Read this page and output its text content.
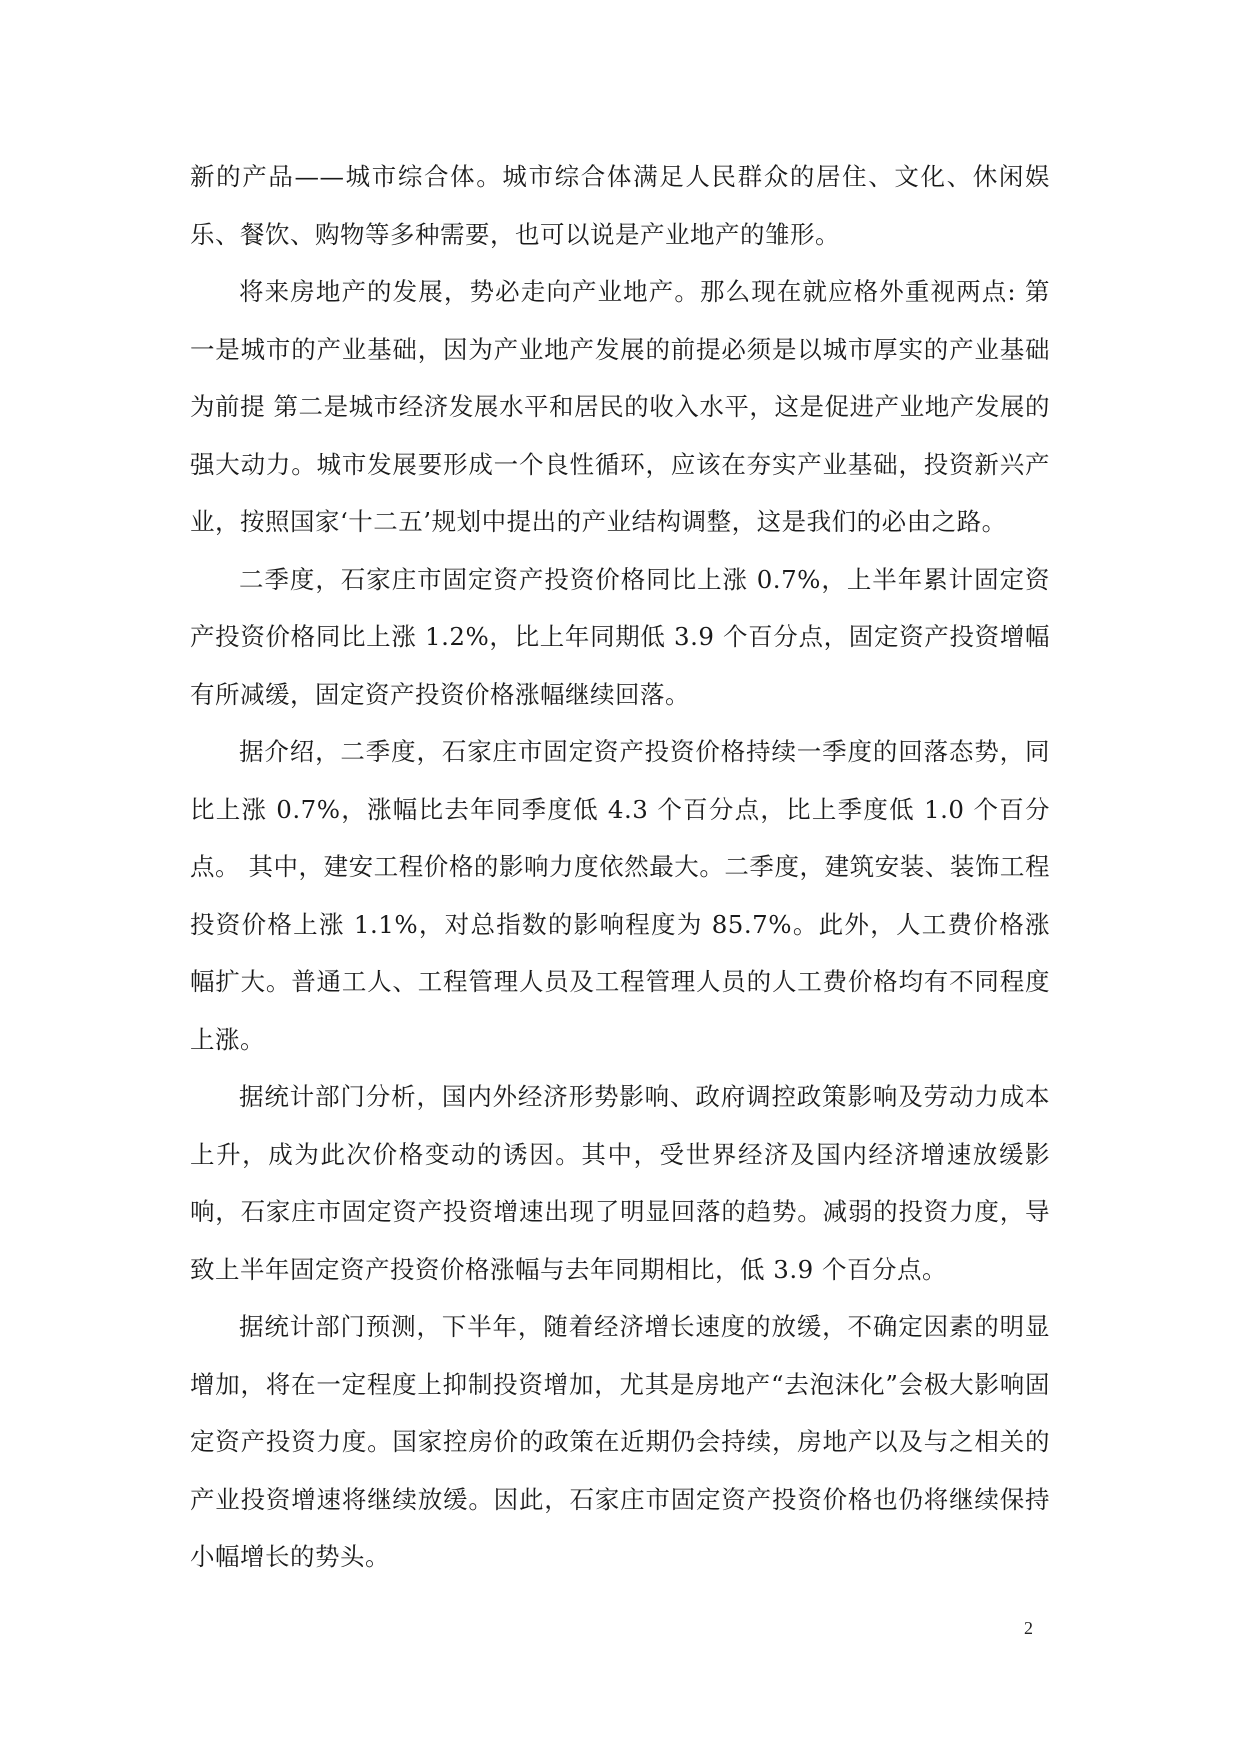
新的产品——城市综合体。城市综合体满足人民群众的居住、文化、休闲娱乐、餐饮、购物等多种需要，也可以说是产业地产的雏形。

将来房地产的发展，势必走向产业地产。那么现在就应格外重视两点: 第一是城市的产业基础，因为产业地产发展的前提必须是以城市厚实的产业基础为前提 第二是城市经济发展水平和居民的收入水平，这是促进产业地产发展的强大动力。城市发展要形成一个良性循环，应该在夯实产业基础，投资新兴产业，按照国家‘十二五’规划中提出的产业结构调整，这是我们的必由之路。

二季度，石家庄市固定资产投资价格同比上涨 0.7%，上半年累计固定资产投资价格同比上涨 1.2%，比上年同期低 3.9 个百分点，固定资产投资增幅有所减缓，固定资产投资价格涨幅继续回落。

据介绍，二季度，石家庄市固定资产投资价格持续一季度的回落态势，同比上涨 0.7%，涨幅比去年同季度低 4.3 个百分点，比上季度低 1.0 个百分点。 其中，建安工程价格的影响力度依然最大。二季度，建筑安装、装饰工程投资价格上涨 1.1%，对总指数的影响程度为 85.7%。此外，人工费价格涨幅扩大。普通工人、工程管理人员及工程管理人员的人工费价格均有不同程度上涨。

据统计部门分析，国内外经济形势影响、政府调控政策影响及劳动力成本上升，成为此次价格变动的诱因。其中，受世界经济及国内经济增速放缓影响，石家庄市固定资产投资增速出现了明显回落的趋势。减弱的投资力度，导致上半年固定资产投资价格涨幅与去年同期相比，低 3.9 个百分点。

据统计部门预测，下半年，随着经济增长速度的放缓，不确定因素的明显增加，将在一定程度上抑制投资增加，尤其是房地产“去泡沫化”会极大影响固定资产投资力度。国家控房价的政策在近期仍会持续，房地产以及与之相关的产业投资增速将继续放缓。因此，石家庄市固定资产投资价格也仍将继续保持小幅增长的势头。

2
